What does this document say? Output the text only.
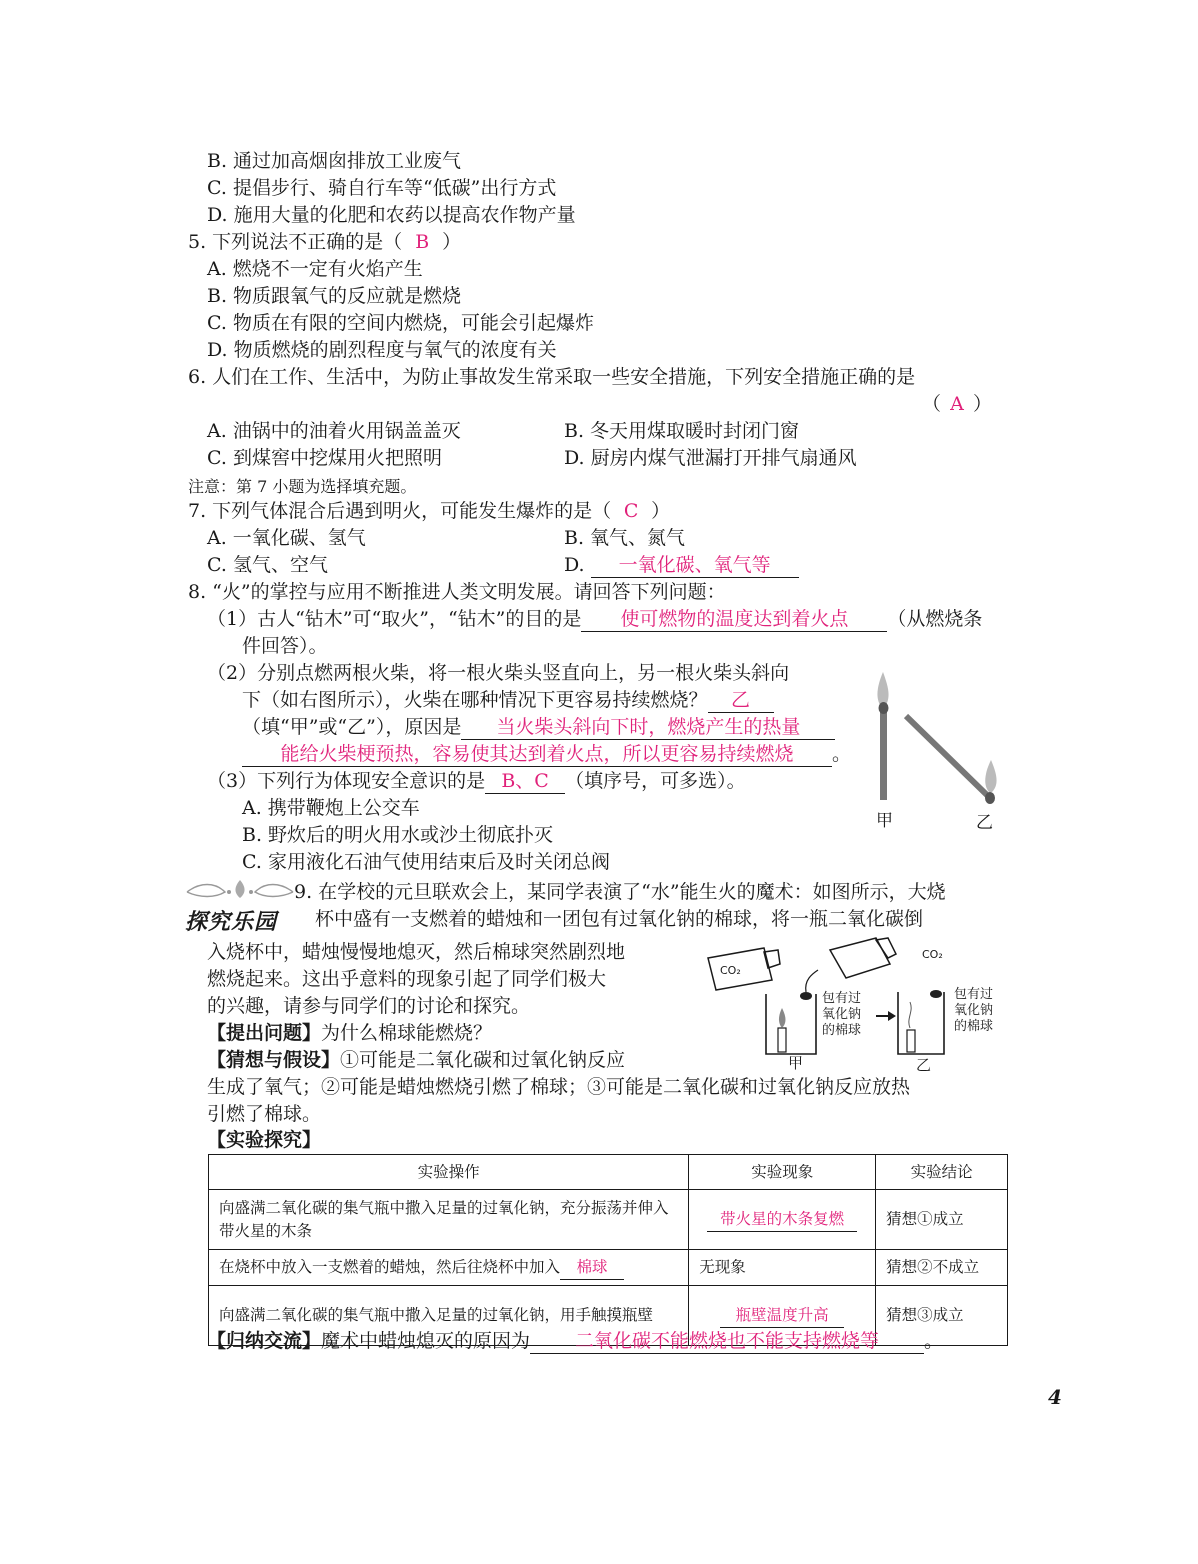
B. 通过加高烟囱排放工业废气
C. 提倡步行、骑自行车等“低碳”出行方式
D. 施用大量的化肥和农药以提高农作物产量
5. 下列说法不正确的是（ B ）
A. 燃烧不一定有火焰产生
B. 物质跟氧气的反应就是燃烧
C. 物质在有限的空间内燃烧，可能会引起爆炸
D. 物质燃烧的剧烈程度与氧气的浓度有关
6. 人们在工作、生活中，为防止事故发生常采取一些安全措施，下列安全措施正确的是
（ A ）
A. 油锅中的油着火用锅盖盖灭	B. 冬天用煤取暖时封闭门窗
C. 到煤窖中挖煤用火把照明	D. 厨房内煤气泄漏打开排气扇通风
注意：第 7 小题为选择填充题。
7. 下列气体混合后遇到明火，可能发生爆炸的是（ C ）
A. 一氧化碳、氢气	B. 氧气、氮气
C. 氢气、空气	D. 一氧化碳、氧气等
8. “火”的掌控与应用不断推进人类文明发展。请回答下列问题：
（1）古人“钻木”可“取火”，“钻木”的目的是 使可燃物的温度达到着火点 （从燃烧条
件回答）。
（2）分别点燃两根火柴，将一根火柴头竖直向上，另一根火柴头斜向
下（如右图所示），火柴在哪种情况下更容易持续燃烧？ 乙
（填“甲”或“乙”），原因是 当火柴头斜向下时，燃烧产生的热量
能给火柴梗预热，容易使其达到着火点，所以更容易持续燃烧 。
（3）下列行为体现安全意识的是 B、C （填序号，可多选）。
A. 携带鞭炮上公交车
B. 野炊后的明火用水或沙土彻底扑灭
C. 家用液化石油气使用结束后及时关闭总阀
甲	乙
探究乐园
9. 在学校的元旦联欢会上，某同学表演了“水”能生火的魔术：如图所示，大烧
杯中盛有一支燃着的蜡烛和一团包有过氧化钠的棉球，将一瓶二氧化碳倒
入烧杯中，蜡烛慢慢地熄灭，然后棉球突然剧烈地
燃烧起来。这出乎意料的现象引起了同学们极大
的兴趣，请参与同学们的讨论和探究。
【提出问题】为什么棉球能燃烧？
【猜想与假设】①可能是二氧化碳和过氧化钠反应
生成了氧气；②可能是蜡烛燃烧引燃了棉球；③可能是二氧化碳和过氧化钠反应放热
引燃了棉球。
【实验探究】
CO₂
包有过
氧化钠
的棉球
CO₂
包有过
氧化钠
的棉球
甲	乙
实验操作	实验现象	实验结论
向盛满二氧化碳的集气瓶中撒入足量的过氧化钠，充分振荡并伸入带火星的木条	带火星的木条复燃	猜想①成立
在烧杯中放入一支燃着的蜡烛，然后往烧杯中加入 棉球	无现象	猜想②不成立
向盛满二氧化碳的集气瓶中撒入足量的过氧化钠，用手触摸瓶壁	瓶壁温度升高	猜想③成立
【归纳交流】魔术中蜡烛熄灭的原因为 二氧化碳不能燃烧也不能支持燃烧等 。
4
